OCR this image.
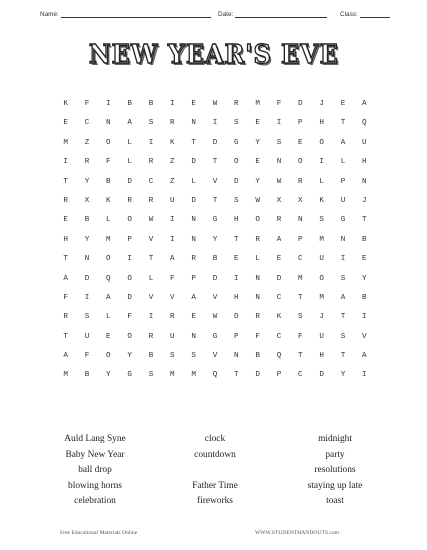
Name:	Date:	Class:
NEW YEAR'S EVE
K	F	I	B	B	I	E	W	R	M	F	D	J	E	A
E	C	N	A	S	R	N	I	S	E	I	P	H	T	Q
M	Z	O	L	I	K	T	D	G	Y	S	E	O	A	U
I	R	F	L	R	Z	D	T	O	E	N	O	I	L	H
T	Y	B	D	C	Z	L	V	D	Y	W	R	L	P	N
R	X	K	R	R	U	D	T	S	W	X	X	K	U	J
E	B	L	O	W	I	N	G	H	O	R	N	S	G	T
H	Y	M	P	V	I	N	Y	T	R	A	P	M	N	B
T	N	O	I	T	A	R	B	E	L	E	C	U	I	E
A	D	Q	O	L	F	P	D	I	N	D	M	O	S	Y
F	I	A	D	V	V	A	V	H	N	C	T	M	A	B
R	S	L	F	I	R	E	W	O	R	K	S	J	T	I
T	U	E	O	R	U	N	G	P	F	C	F	U	S	V
A	F	O	Y	B	S	S	V	N	B	Q	T	H	T	A
M	B	Y	G	S	M	M	Q	T	D	P	C	D	Y	I
Auld Lang Syne
Baby New Year
ball drop
blowing horns
celebration
clock
countdown
Father Time
fireworks
midnight
party
resolutions
staying up late
toast
Free Educational Materials Online	WWW.STUDENTHANDOUTS.com
